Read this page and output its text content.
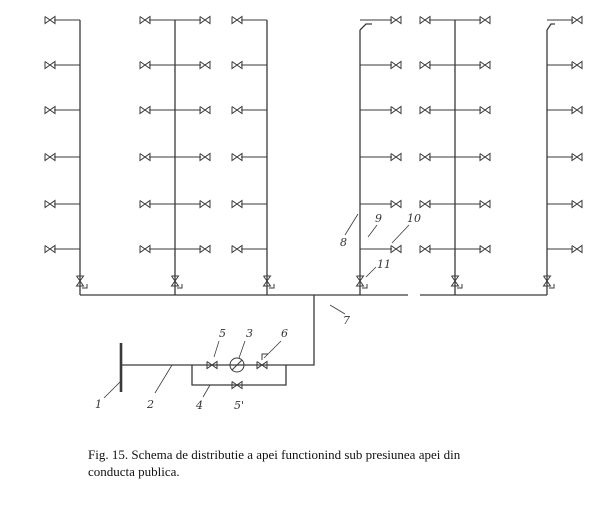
1	2
3
4
5
5'
6
7
8
9 10
11
Fig. 15. Schema de distributie a apei functionind sub presiunea apei din
conducta publica.
